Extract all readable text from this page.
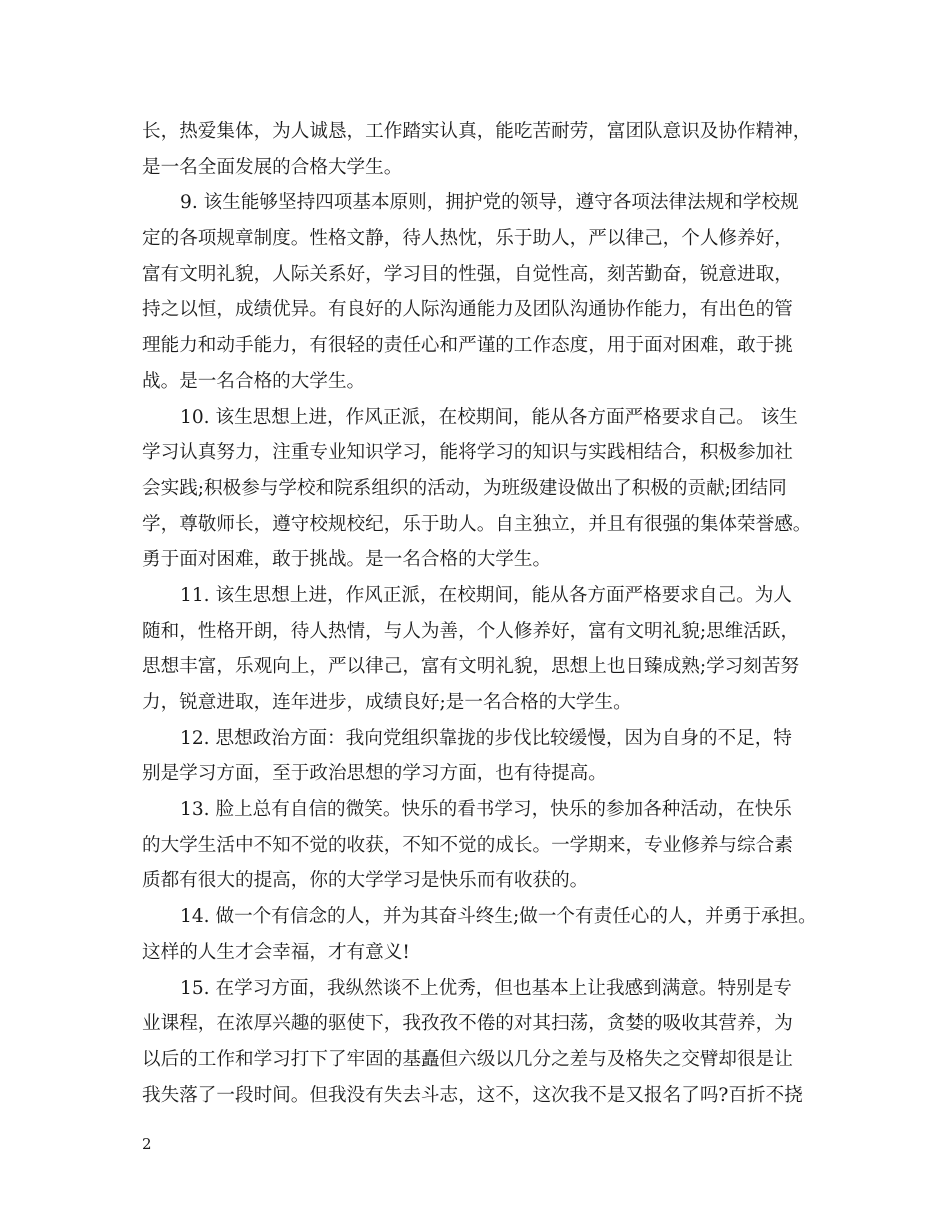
长，热爱集体，为人诚恳，工作踏实认真，能吃苦耐劳，富团队意识及协作精神，
是一名全面发展的合格大学生。
9. 该生能够坚持四项基本原则，拥护党的领导，遵守各项法律法规和学校规
定的各项规章制度。性格文静，待人热忱，乐于助人，严以律己，个人修养好，
富有文明礼貌，人际关系好，学习目的性强，自觉性高，刻苦勤奋，锐意进取，
持之以恒，成绩优异。有良好的人际沟通能力及团队沟通协作能力，有出色的管
理能力和动手能力，有很轻的责任心和严谨的工作态度，用于面对困难，敢于挑
战。是一名合格的大学生。
10. 该生思想上进，作风正派，在校期间，能从各方面严格要求自己。 该生
学习认真努力，注重专业知识学习，能将学习的知识与实践相结合，积极参加社
会实践;积极参与学校和院系组织的活动，为班级建设做出了积极的贡献;团结同
学，尊敬师长，遵守校规校纪，乐于助人。自主独立，并且有很强的集体荣誉感。
勇于面对困难，敢于挑战。是一名合格的大学生。
11. 该生思想上进，作风正派，在校期间，能从各方面严格要求自己。为人
随和，性格开朗，待人热情，与人为善，个人修养好，富有文明礼貌;思维活跃，
思想丰富，乐观向上，严以律己，富有文明礼貌，思想上也日臻成熟;学习刻苦努
力，锐意进取，连年进步，成绩良好;是一名合格的大学生。
12. 思想政治方面：我向党组织靠拢的步伐比较缓慢，因为自身的不足，特
别是学习方面，至于政治思想的学习方面，也有待提高。
13. 脸上总有自信的微笑。快乐的看书学习，快乐的参加各种活动，在快乐
的大学生活中不知不觉的收获，不知不觉的成长。一学期来，专业修养与综合素
质都有很大的提高，你的大学学习是快乐而有收获的。
14. 做一个有信念的人，并为其奋斗终生;做一个有责任心的人，并勇于承担。
这样的人生才会幸福，才有意义!
15. 在学习方面，我纵然谈不上优秀，但也基本上让我感到满意。特别是专
业课程，在浓厚兴趣的驱使下，我孜孜不倦的对其扫荡，贪婪的吸收其营养，为
以后的工作和学习打下了牢固的基矗但六级以几分之差与及格失之交臂却很是让
我失落了一段时间。但我没有失去斗志，这不，这次我不是又报名了吗?百折不挠
2
